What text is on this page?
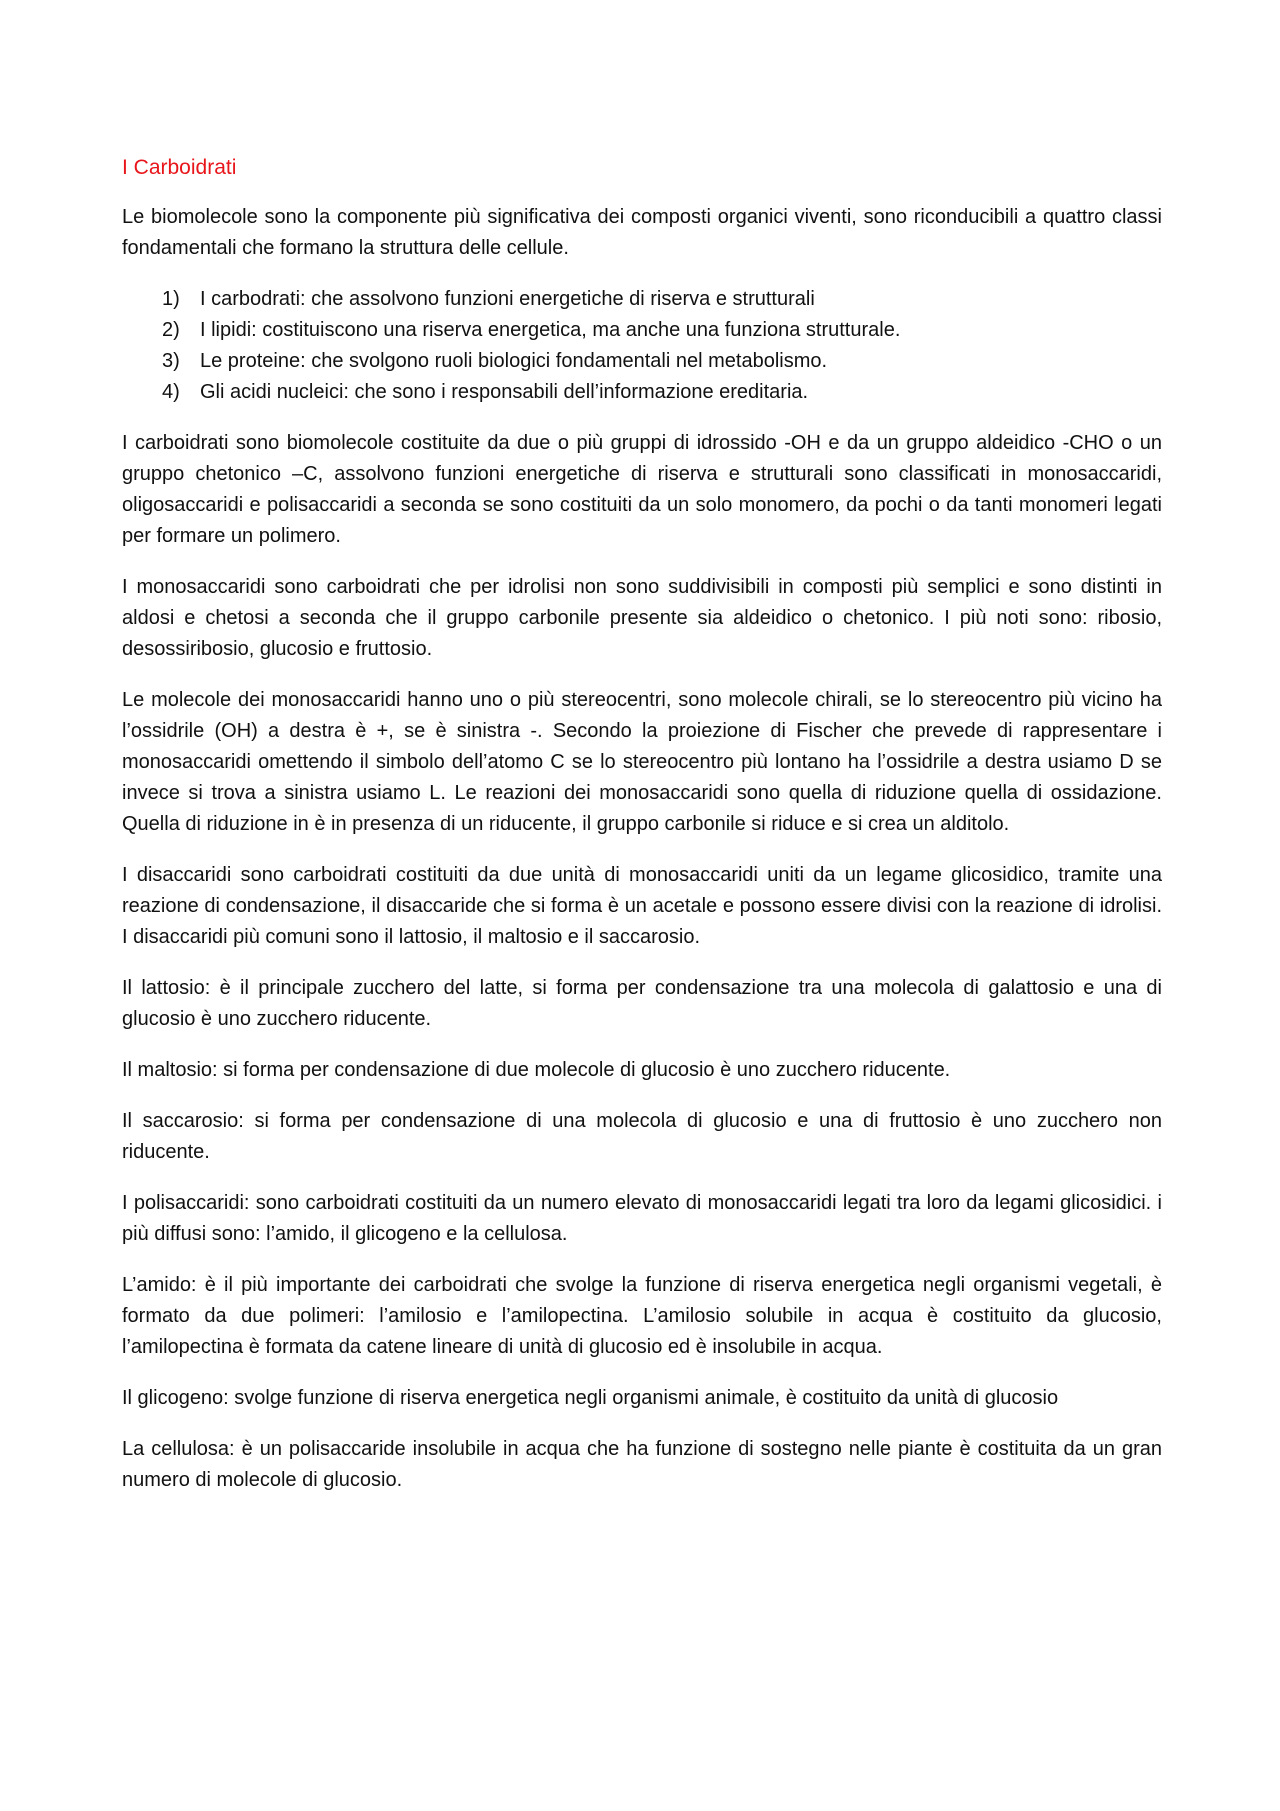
I Carboidrati

Le biomolecole sono la componente più significativa dei composti organici viventi, sono riconducibili a quattro classi fondamentali che formano la struttura delle cellule.

1) I carbodrati: che assolvono funzioni energetiche di riserva e strutturali
2) I lipidi: costituiscono una riserva energetica, ma anche una funziona strutturale.
3) Le proteine: che svolgono ruoli biologici fondamentali nel metabolismo.
4) Gli acidi nucleici: che sono i responsabili dell’informazione ereditaria.

I carboidrati sono biomolecole costituite da due o più gruppi di idrossido -OH e da un gruppo aldeidico -CHO o un gruppo chetonico –C, assolvono funzioni energetiche di riserva e strutturali sono classificati in monosaccaridi, oligosaccaridi e polisaccaridi a seconda se sono costituiti da un solo monomero, da pochi o da tanti monomeri legati per formare un polimero.

I monosaccaridi sono carboidrati che per idrolisi non sono suddivisibili in composti più semplici e sono distinti in aldosi e chetosi a seconda che il gruppo carbonile presente sia aldeidico o chetonico. I più noti sono: ribosio, desossiribosio, glucosio e fruttosio.

Le molecole dei monosaccaridi hanno uno o più stereocentri, sono molecole chirali, se lo stereocentro più vicino ha l’ossidrile (OH) a destra è +, se è sinistra -. Secondo la proiezione di Fischer che prevede di rappresentare i monosaccaridi omettendo il simbolo dell’atomo C se lo stereocentro più lontano ha l’ossidrile a destra usiamo D se invece si trova a sinistra usiamo L. Le reazioni dei monosaccaridi sono quella di riduzione quella di ossidazione. Quella di riduzione in è in presenza di un riducente, il gruppo carbonile si riduce e si crea un alditolo.

I disaccaridi sono carboidrati costituiti da due unità di monosaccaridi uniti da un legame glicosidico, tramite una reazione di condensazione, il disaccaride che si forma è un acetale e possono essere divisi con la reazione di idrolisi. I disaccaridi più comuni sono il lattosio, il maltosio e il saccarosio.

Il lattosio: è il principale zucchero del latte, si forma per condensazione tra una molecola di galattosio e una di glucosio è uno zucchero riducente.

Il maltosio: si forma per condensazione di due molecole di glucosio è uno zucchero riducente.

Il saccarosio: si forma per condensazione di una molecola di glucosio e una di fruttosio è uno zucchero non riducente.

I polisaccaridi: sono carboidrati costituiti da un numero elevato di monosaccaridi legati tra loro da legami glicosidici. i più diffusi sono: l’amido, il glicogeno e la cellulosa.

L’amido: è il più importante dei carboidrati che svolge la funzione di riserva energetica negli organismi vegetali, è formato da due polimeri: l’amilosio e l’amilopectina. L’amilosio solubile in acqua è costituito da glucosio, l’amilopectina è formata da catene lineare di unità di glucosio ed è insolubile in acqua.

Il glicogeno: svolge funzione di riserva energetica negli organismi animale, è costituito da unità di glucosio

La cellulosa: è un polisaccaride insolubile in acqua che ha funzione di sostegno nelle piante è costituita da un gran numero di molecole di glucosio.
